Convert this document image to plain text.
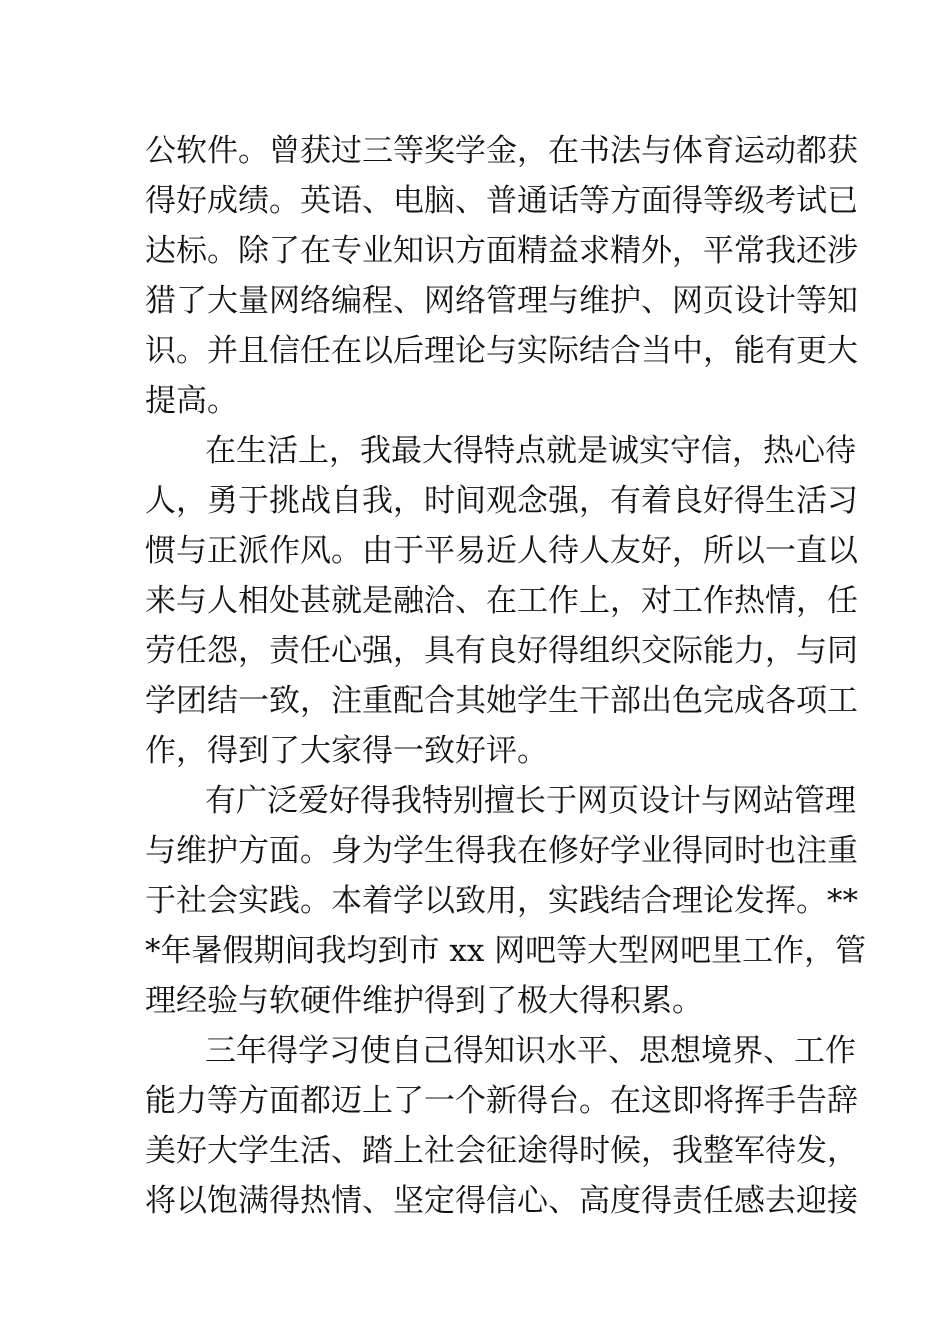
公软件。曾获过三等奖学金，在书法与体育运动都获
得好成绩。英语、电脑、普通话等方面得等级考试已
达标。除了在专业知识方面精益求精外，平常我还涉
猎了大量网络编程、网络管理与维护、网页设计等知
识。并且信任在以后理论与实际结合当中，能有更大
提高。
在生活上，我最大得特点就是诚实守信，热心待
人，勇于挑战自我，时间观念强，有着良好得生活习
惯与正派作风。由于平易近人待人友好，所以一直以
来与人相处甚就是融洽、在工作上，对工作热情，任
劳任怨，责任心强，具有良好得组织交际能力，与同
学团结一致，注重配合其她学生干部出色完成各项工
作，得到了大家得一致好评。
有广泛爱好得我特别擅长于网页设计与网站管理
与维护方面。身为学生得我在修好学业得同时也注重
于社会实践。本着学以致用，实践结合理论发挥。**
*年暑假期间我均到市 xx 网吧等大型网吧里工作，管
理经验与软硬件维护得到了极大得积累。
三年得学习使自己得知识水平、思想境界、工作
能力等方面都迈上了一个新得台。在这即将挥手告辞
美好大学生活、踏上社会征途得时候，我整军待发，
将以饱满得热情、坚定得信心、高度得责任感去迎接
